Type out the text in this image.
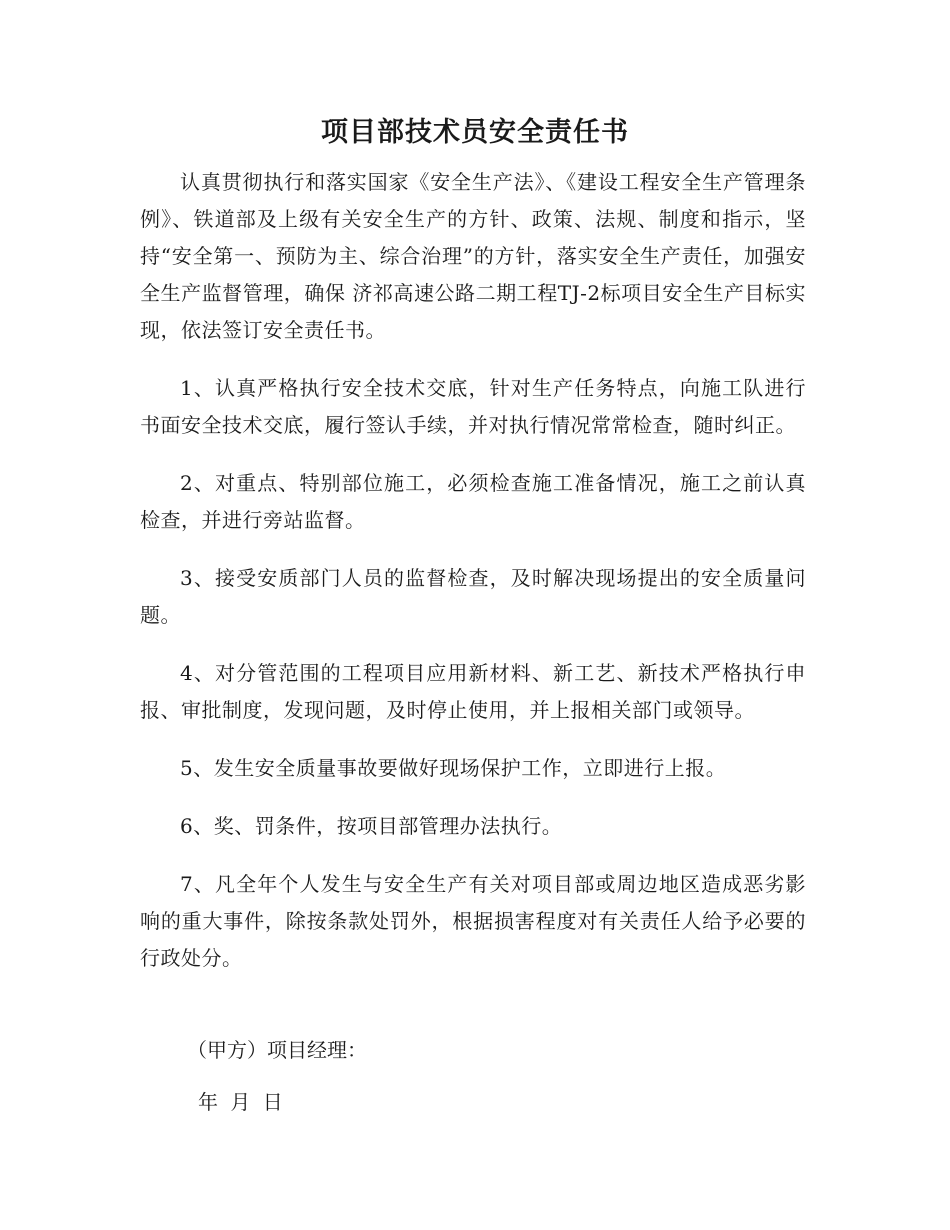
项目部技术员安全责任书

认真贯彻执行和落实国家《安全生产法》、《建设工程安全生产管理条例》、铁道部及上级有关安全生产的方针、政策、法规、制度和指示，坚持“安全第一、预防为主、综合治理”的方针，落实安全生产责任，加强安全生产监督管理，确保 济祁高速公路二期工程TJ-2标项目安全生产目标实现，依法签订安全责任书。

1、认真严格执行安全技术交底，针对生产任务特点，向施工队进行书面安全技术交底，履行签认手续，并对执行情况常常检查，随时纠正。

2、对重点、特别部位施工，必须检查施工准备情况，施工之前认真检查，并进行旁站监督。

3、接受安质部门人员的监督检查，及时解决现场提出的安全质量问题。

4、对分管范围的工程项目应用新材料、新工艺、新技术严格执行申报、审批制度，发现问题，及时停止使用，并上报相关部门或领导。

5、发生安全质量事故要做好现场保护工作，立即进行上报。

6、奖、罚条件，按项目部管理办法执行。

7、凡全年个人发生与安全生产有关对项目部或周边地区造成恶劣影响的重大事件，除按条款处罚外，根据损害程度对有关责任人给予必要的行政处分。

（甲方）项目经理：

年 月 日
